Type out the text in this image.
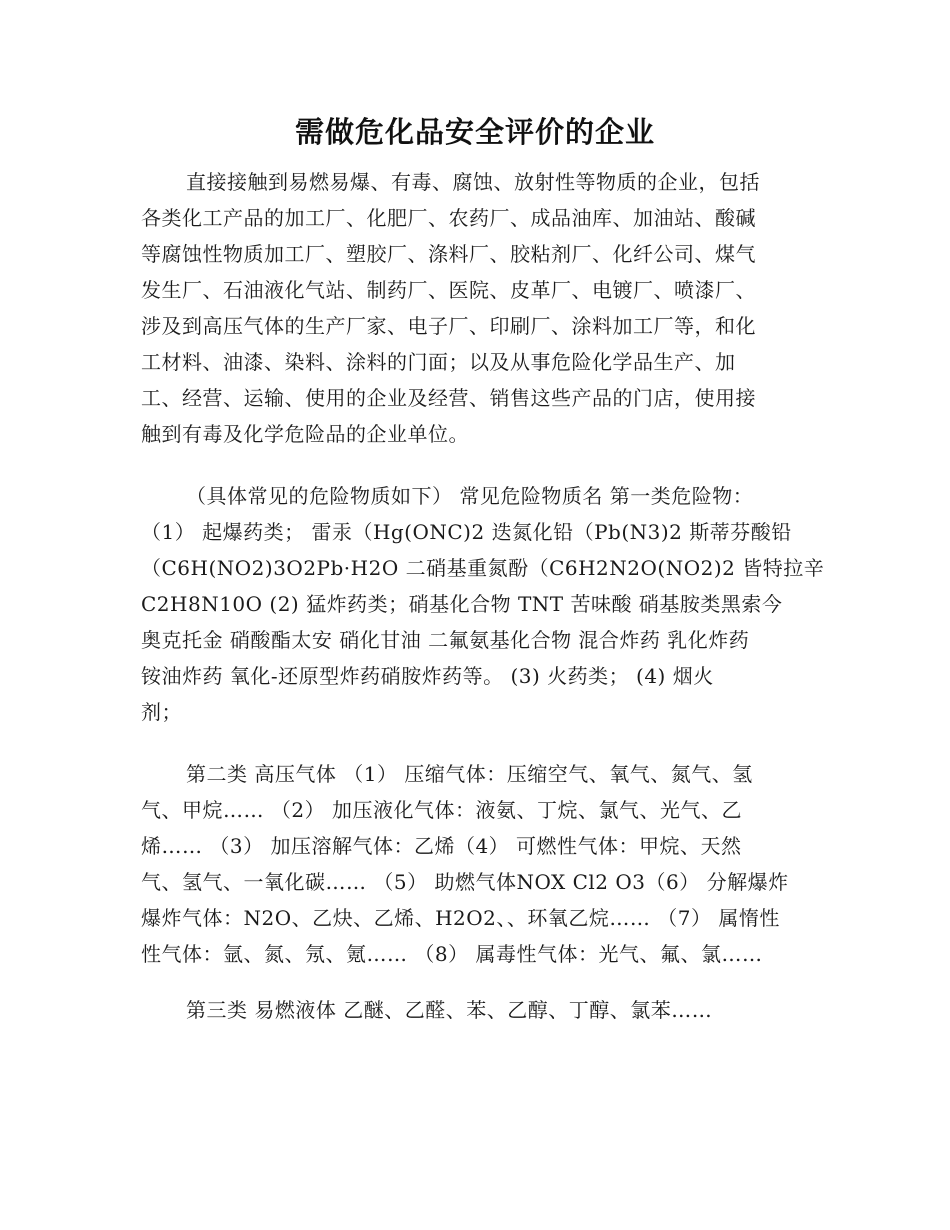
需做危化品安全评价的企业
直接接触到易燃易爆、有毒、腐蚀、放射性等物质的企业，包括
各类化工产品的加工厂、化肥厂、农药厂、成品油库、加油站、酸碱
等腐蚀性物质加工厂、塑胶厂、涤料厂、胶粘剂厂、化纤公司、煤气
发生厂、石油液化气站、制药厂、医院、皮革厂、电镀厂、喷漆厂、
涉及到高压气体的生产厂家、电子厂、印刷厂、涂料加工厂等，和化
工材料、油漆、染料、涂料的门面；以及从事危险化学品生产、加
工、经营、运输、使用的企业及经营、销售这些产品的门店，使用接
触到有毒及化学危险品的企业单位。
（具体常见的危险物质如下） 常见危险物质名 第一类危险物：
（1） 起爆药类； 雷汞（Hg(ONC)2 迭氮化铅（Pb(N3)2 斯蒂芬酸铅
（C6H(NO2)3O2Pb·H2O 二硝基重氮酚（C6H2N2O(NO2)2 皆特拉辛
C2H8N10O (2) 猛炸药类；硝基化合物 TNT 苦味酸 硝基胺类黑索今
奥克托金 硝酸酯太安 硝化甘油 二氟氨基化合物 混合炸药 乳化炸药
铵油炸药 氧化-还原型炸药硝胺炸药等。 (3) 火药类； (4) 烟火
剂；
第二类 高压气体 （1） 压缩气体：压缩空气、氧气、氮气、氢
气、甲烷…… （2） 加压液化气体：液氨、丁烷、氯气、光气、乙
烯…… （3） 加压溶解气体：乙烯（4） 可燃性气体：甲烷、天然
气、氢气、一氧化碳…… （5） 助燃气体NOX Cl2 O3（6） 分解爆炸
爆炸气体：N2O、乙炔、乙烯、H2O2、、环氧乙烷…… （7） 属惰性
性气体：氩、氮、氖、氪…… （8） 属毒性气体：光气、氟、氯……
第三类 易燃液体 乙醚、乙醛、苯、乙醇、丁醇、氯苯……
